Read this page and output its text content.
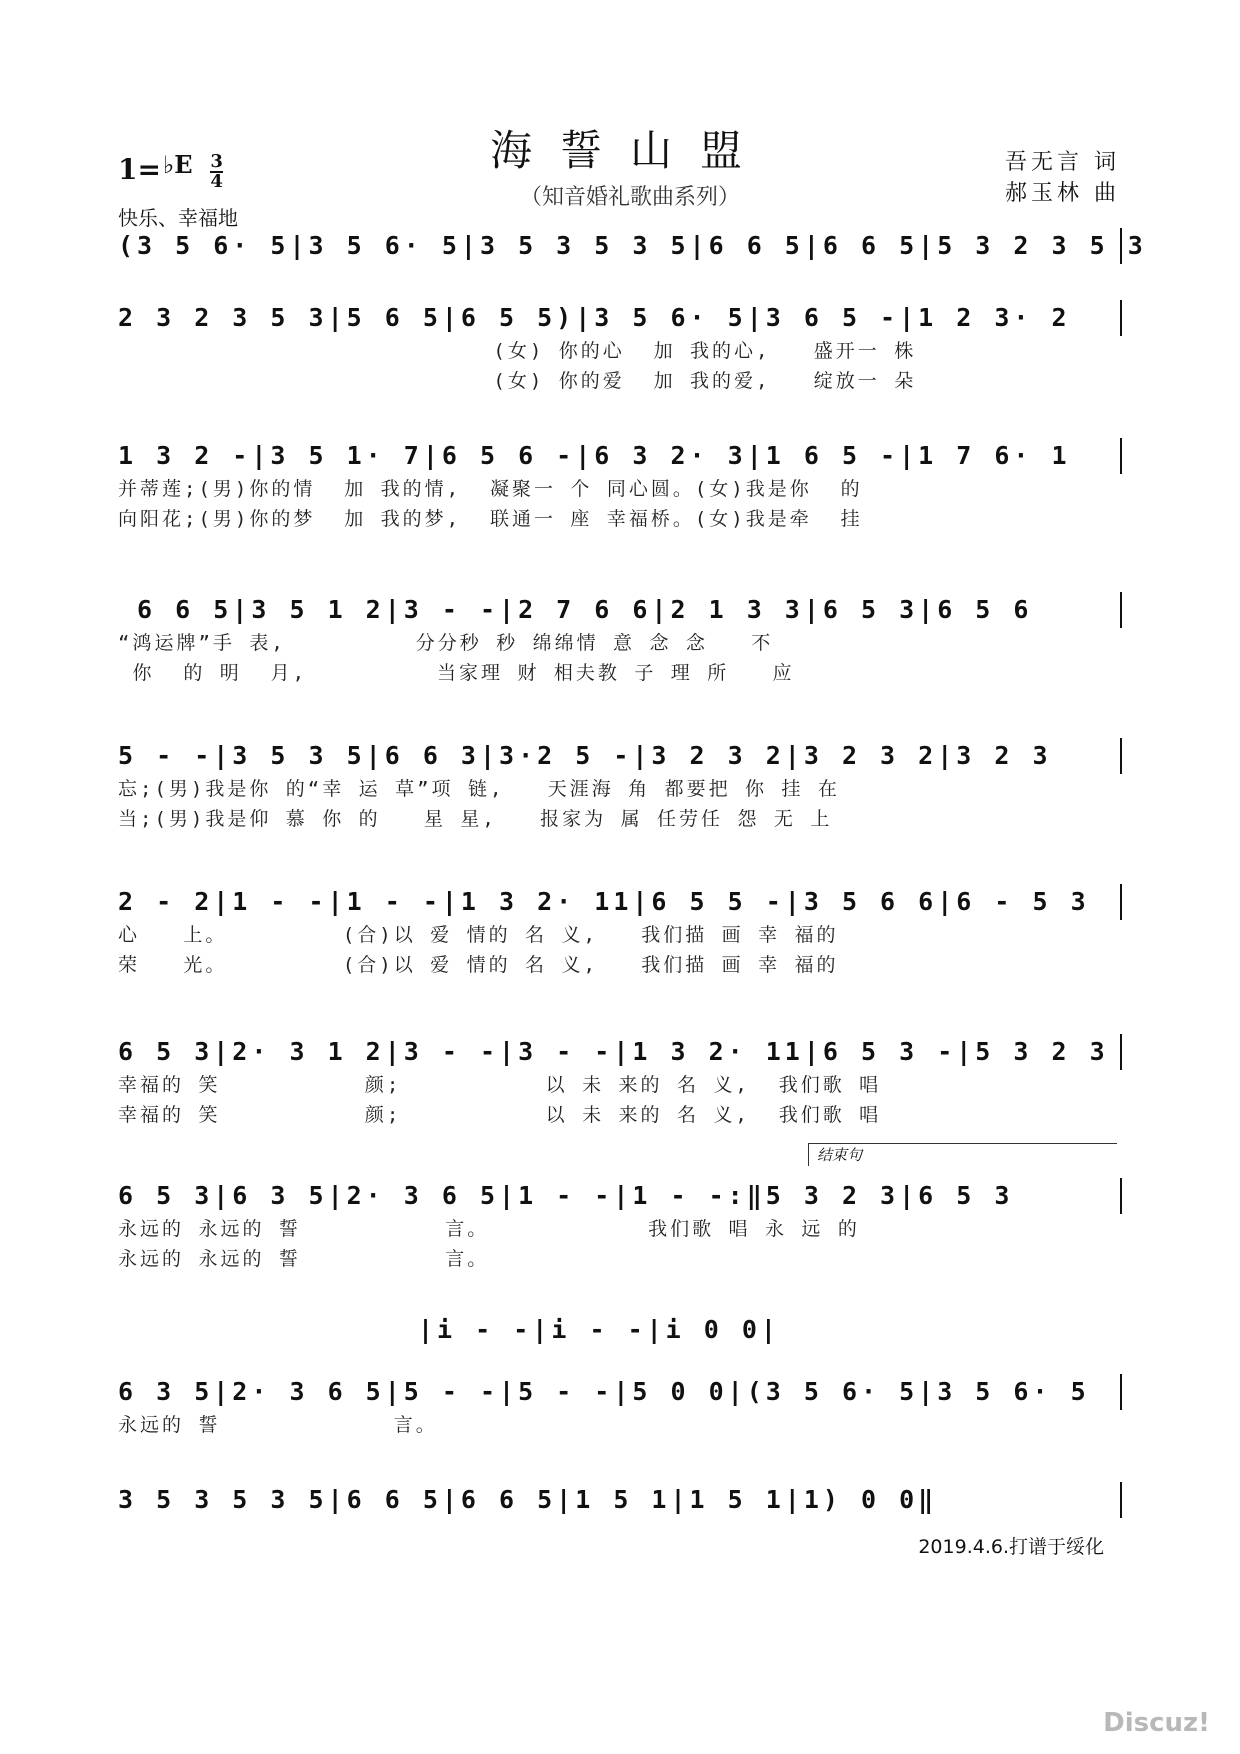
海誓山盟
（知音婚礼歌曲系列）
1=♭E $\frac{3}{4}$
快乐、幸福地
吾无言 词
郝玉林 曲
(3 5 6· 5|3 5 6· 5|3 5 3 5 3 5|6 6 5|6 6 5|5 3 2 3 5 3
2 3 2 3 5 3|5 6 5|6 5 5)|3 5 6· 5|3 6 5 -|1 2 3· 2
(女) 你的心  加 我的心,   盛开一 株
(女) 你的爱  加 我的爱,   绽放一 朵
1 3 2 -|3 5 1· 7|6 5 6 -|6 3 2· 3|1 6 5 -|1 7 6· 1
并蒂莲;(男)你的情  加 我的情,  凝聚一 个 同心圆。(女)我是你  的
向阳花;(男)你的梦  加 我的梦,  联通一 座 幸福桥。(女)我是牵  挂
6 6 5|3 5 1 2|3 - -|2 7 6 6|2 1 3 3|6 5 3|6 5 6
“鸿运牌”手 表,         分分秒 秒 绵绵情 意 念 念   不
你  的 明  月,         当家理 财 相夫教 子 理 所   应
5 - -|3 5 3 5|6 6 3|3·2 5 -|3 2 3 2|3 2 3 2|3 2 3
忘;(男)我是你 的“幸 运 草”项 链,   天涯海 角 都要把 你 挂 在
当;(男)我是仰 慕 你 的   星 星,   报家为 属 任劳任 怨 无 上
2 - 2|1 - -|1 - -|1 3 2· 11|6 5 5 -|3 5 6 6|6 - 5 3
心   上。        (合)以 爱 情的 名 义,   我们描 画 幸 福的
荣   光。        (合)以 爱 情的 名 义,   我们描 画 幸 福的
6 5 3|2· 3 1 2|3 - -|3 - -|1 3 2· 11|6 5 3 -|5 3 2 3
幸福的 笑          颜;          以 未 来的 名 义,  我们歌 唱
幸福的 笑          颜;          以 未 来的 名 义,  我们歌 唱
结束句
6 5 3|6 3 5|2· 3 6 5|1 - -|1 - -:‖5 3 2 3|6 5 3
永远的 永远的 誓          言。           我们歌 唱 永 远 的
永远的 永远的 誓          言。
|i - -|i - -|i 0 0|
6 3 5|2· 3 6 5|5 - -|5 - -|5 0 0|(3 5 6· 5|3 5 6· 5
永远的 誓            言。
3 5 3 5 3 5|6 6 5|6 6 5|1 5 1|1 5 1|1) 0 0‖
2019.4.6.打谱于绥化
Discuz!
